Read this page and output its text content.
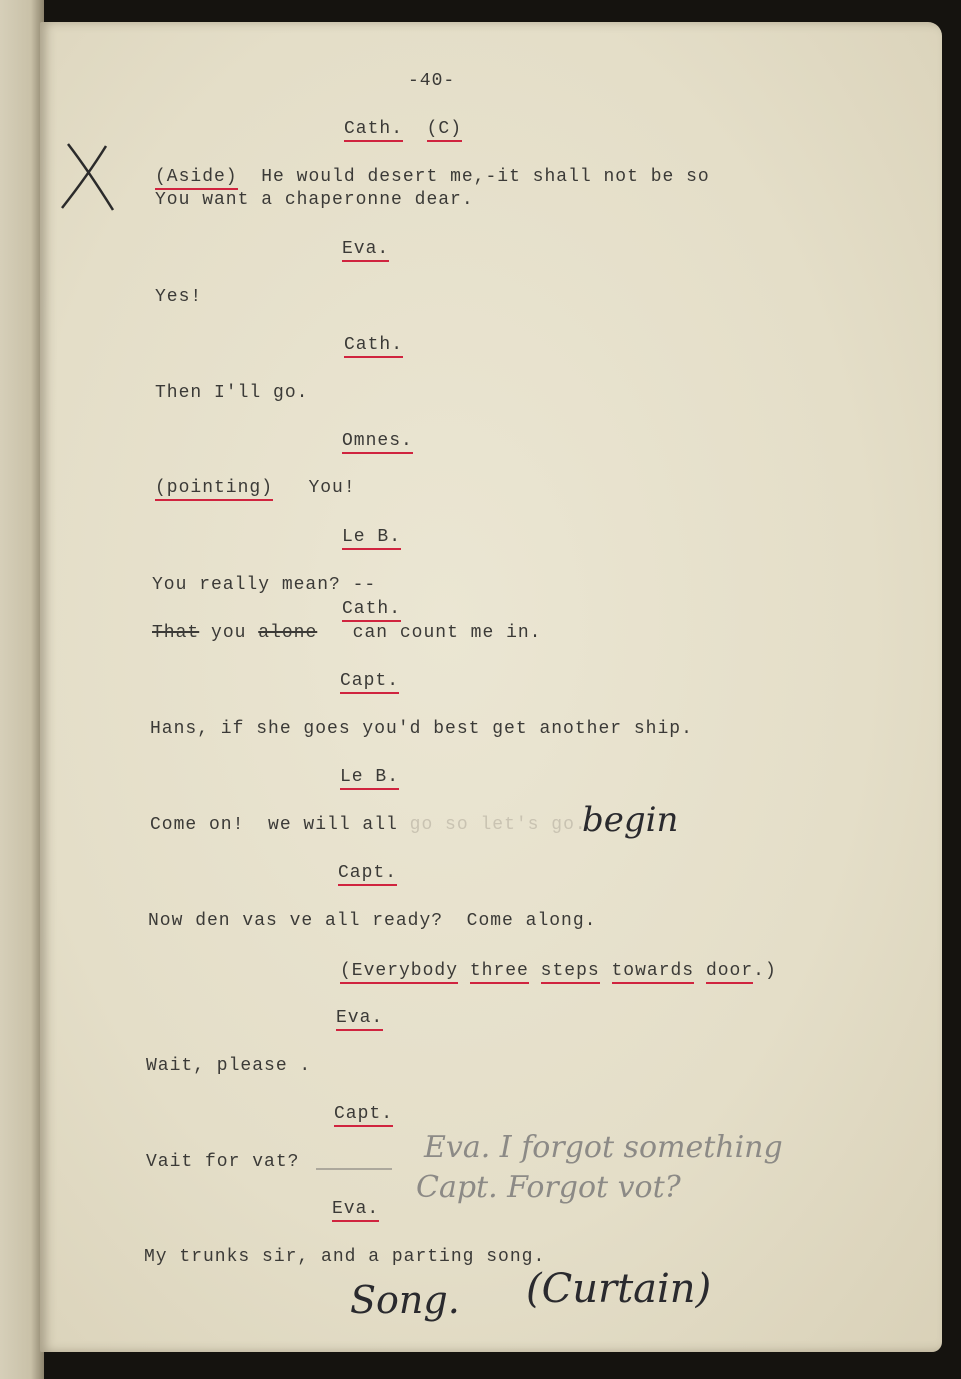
-40-
Cath. (C)
(Aside) He would desert me,-it shall not be so
You want a chaperonne dear.
Eva.
Yes!
Cath.
Then I'll go.
Omnes.
(pointing) You!
Le B.
You really mean? --
Cath.
That you alone can count me in.
Capt.
Hans, if she goes you'd best get another ship.
Le B.
Come on!  we will all go so let's go.
begin
Capt.
Now den vas ve all ready?  Come along.
(Everybody three steps towards door.)
Eva.
Wait, please .
Capt.
Vait for vat?	Eva. I forgot something
Capt. Forgot vot?
Eva.
My trunks sir, and a parting song.
Song. (Curtain)
